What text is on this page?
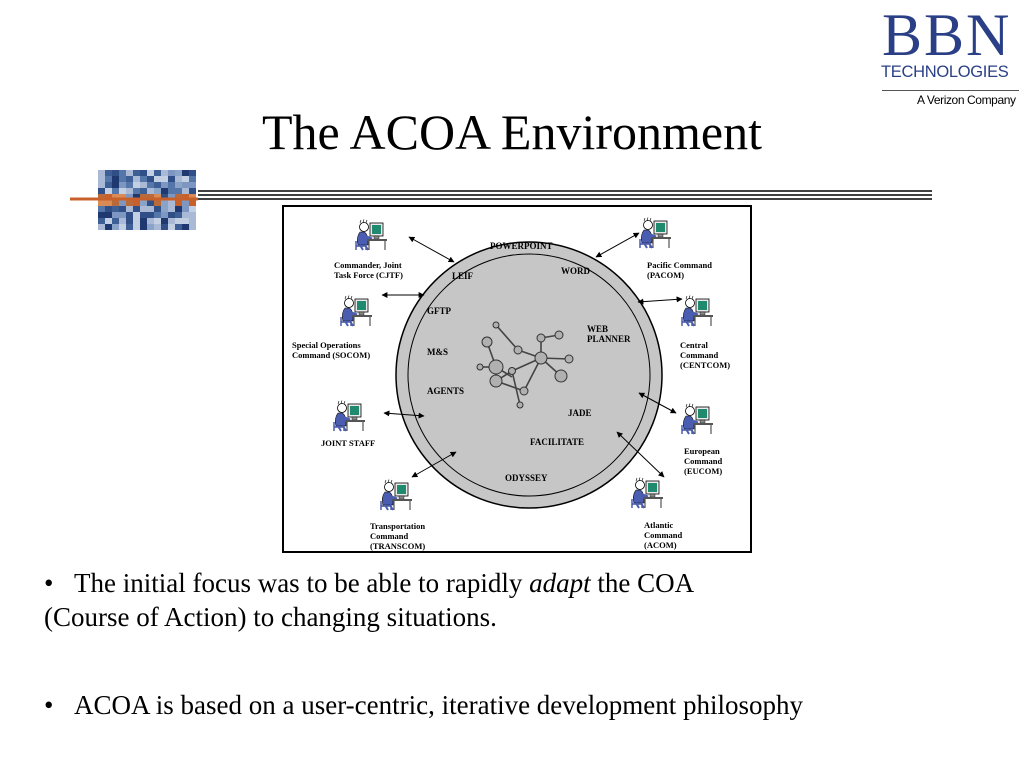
BBN
TECHNOLOGIES
A Verizon Company
The ACOA Environment
POWERPOINT
WORD
LEIF
GFTP
WEB
PLANNER
M&S
AGENTS
JADE
FACILITATE
ODYSSEY
Commander, Joint
Task Force (CJTF)
Special Operations
Command (SOCOM)
JOINT STAFF
Transportation
Command
(TRANSCOM)
Pacific Command
(PACOM)
Central
Command
(CENTCOM)
European
Command
(EUCOM)
Atlantic
Command
(ACOM)
• The initial focus was to be able to rapidly adapt the COA
(Course of Action) to changing situations.
• ACOA is based on a user-centric, iterative development philosophy
